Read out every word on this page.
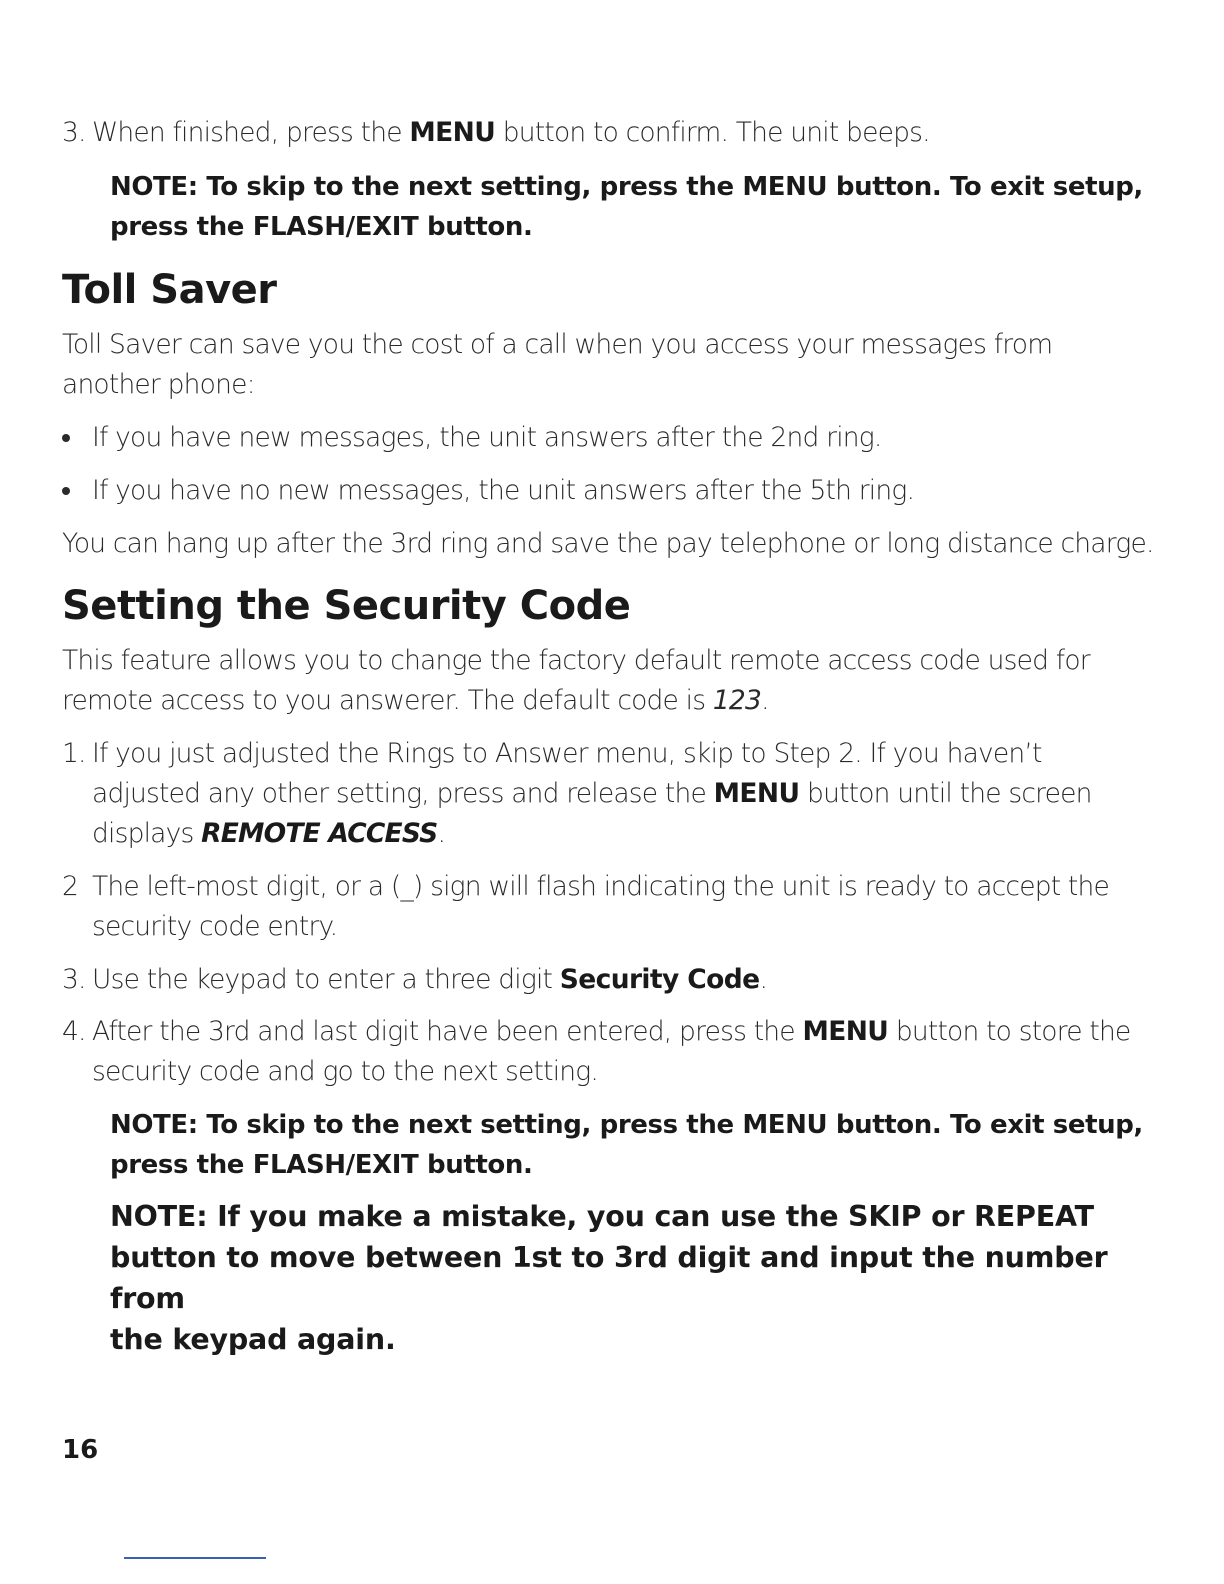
3. When finished, press the MENU button to confirm. The unit beeps.
NOTE: To skip to the next setting, press the MENU button. To exit setup,
press the FLASH/EXIT button.
Toll Saver
Toll Saver can save you the cost of a call when you access your messages from
another phone:
If you have new messages, the unit answers after the 2nd ring.
If you have no new messages, the unit answers after the 5th ring.
You can hang up after the 3rd ring and save the pay telephone or long distance charge.
Setting the Security Code
This feature allows you to change the factory default remote access code used for
remote access to you answerer. The default code is 123.
1. If you just adjusted the Rings to Answer menu, skip to Step 2. If you haven’t
adjusted any other setting, press and release the MENU button until the screen
displays REMOTE ACCESS.
2 The left-most digit, or a (_) sign will flash indicating the unit is ready to accept the
security code entry.
3. Use the keypad to enter a three digit Security Code.
4. After the 3rd and last digit have been entered, press the MENU button to store the
security code and go to the next setting.
NOTE: To skip to the next setting, press the MENU button. To exit setup,
press the FLASH/EXIT button.
NOTE: If you make a mistake, you can use the SKIP or REPEAT
button to move between 1st to 3rd digit and input the number from
the keypad again.
16
